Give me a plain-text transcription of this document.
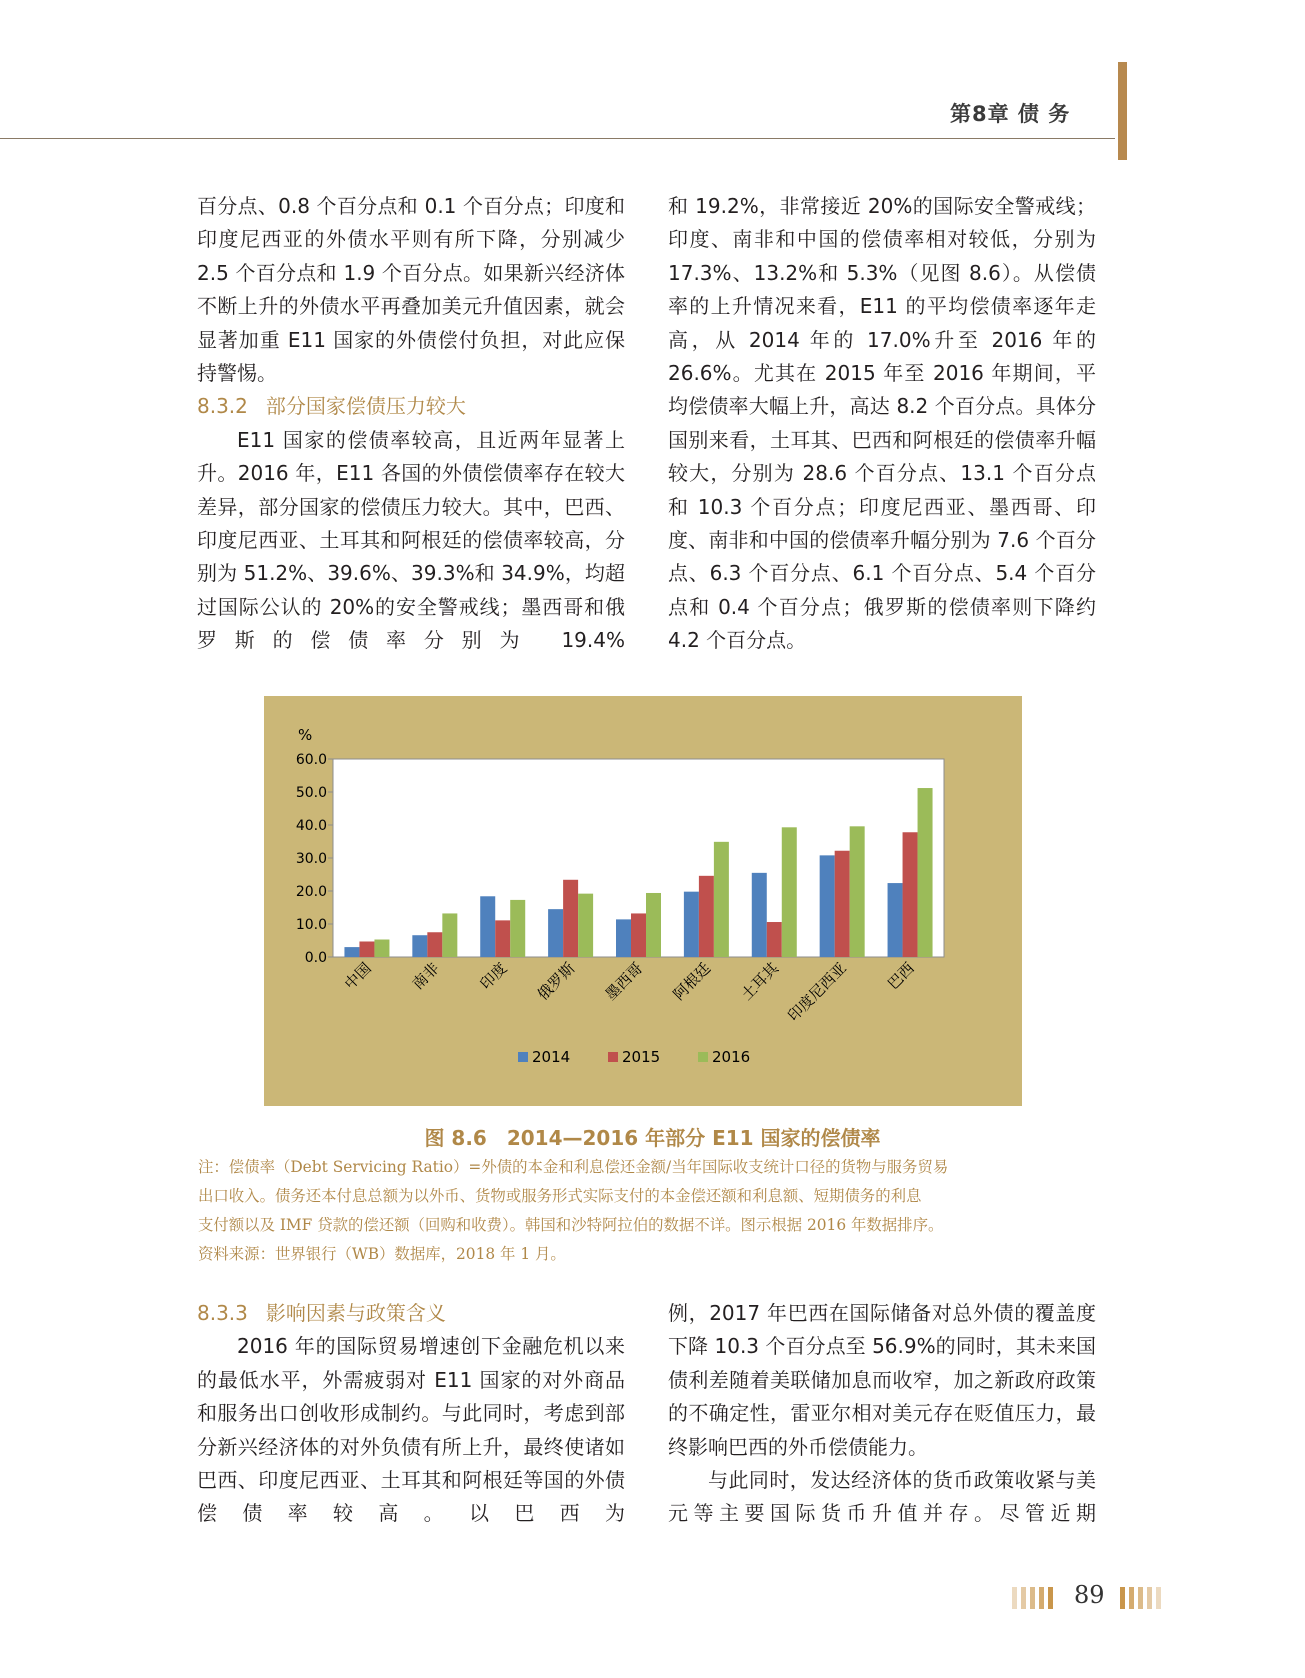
第8章 债 务

百分点、0.8 个百分点和 0.1 个百分点；印度和印度尼西亚的外债水平则有所下降，分别减少 2.5 个百分点和 1.9 个百分点。如果新兴经济体不断上升的外债水平再叠加美元升值因素，就会显著加重 E11 国家的外债偿付负担，对此应保持警惕。

8.3.2 部分国家偿债压力较大

E11 国家的偿债率较高，且近两年显著上升。2016 年，E11 各国的外债偿债率存在较大差异，部分国家的偿债压力较大。其中，巴西、印度尼西亚、土耳其和阿根廷的偿债率较高，分别为 51.2%、39.6%、39.3%和 34.9%，均超过国际公认的 20%的安全警戒线；墨西哥和俄罗斯的偿债率分别为 19.4%

和 19.2%，非常接近 20%的国际安全警戒线；印度、南非和中国的偿债率相对较低，分别为 17.3%、13.2%和 5.3%（见图 8.6）。从偿债率的上升情况来看，E11 的平均偿债率逐年走高，从 2014 年的 17.0%升至 2016 年的 26.6%。尤其在 2015 年至 2016 年期间，平均偿债率大幅上升，高达 8.2 个百分点。具体分国别来看，土耳其、巴西和阿根廷的偿债率升幅较大，分别为 28.6 个百分点、13.1 个百分点和 10.3 个百分点；印度尼西亚、墨西哥、印度、南非和中国的偿债率升幅分别为 7.6 个百分点、6.3 个百分点、6.1 个百分点、5.4 个百分点和 0.4 个百分点；俄罗斯的偿债率则下降约 4.2 个百分点。

%
0.0
10.0
20.0
30.0
40.0
50.0
60.0
中国 南非 印度 俄罗斯 墨西哥 阿根廷 土耳其 印度尼西亚 巴西
2014	2015	2016
图 8.6　2014—2016 年部分 E11 国家的偿债率
注：偿债率（Debt Servicing Ratio）=外债的本金和利息偿还金额/当年国际收支统计口径的货物与服务贸易
出口收入。债务还本付息总额为以外币、货物或服务形式实际支付的本金偿还额和利息额、短期债务的利息
支付额以及 IMF 贷款的偿还额（回购和收费）。韩国和沙特阿拉伯的数据不详。图示根据 2016 年数据排序。
资料来源：世界银行（WB）数据库，2018 年 1 月。

8.3.3 影响因素与政策含义

2016 年的国际贸易增速创下金融危机以来的最低水平，外需疲弱对 E11 国家的对外商品和服务出口创收形成制约。与此同时，考虑到部分新兴经济体的对外负债有所上升，最终使诸如巴西、印度尼西亚、土耳其和阿根廷等国的外债偿债率较高。以巴西为

例，2017 年巴西在国际储备对总外债的覆盖度下降 10.3 个百分点至 56.9%的同时，其未来国债利差随着美联储加息而收窄，加之新政府政策的不确定性，雷亚尔相对美元存在贬值压力，最终影响巴西的外币偿债能力。

与此同时，发达经济体的货币政策收紧与美元等主要国际货币升值并存。尽管近期

89
